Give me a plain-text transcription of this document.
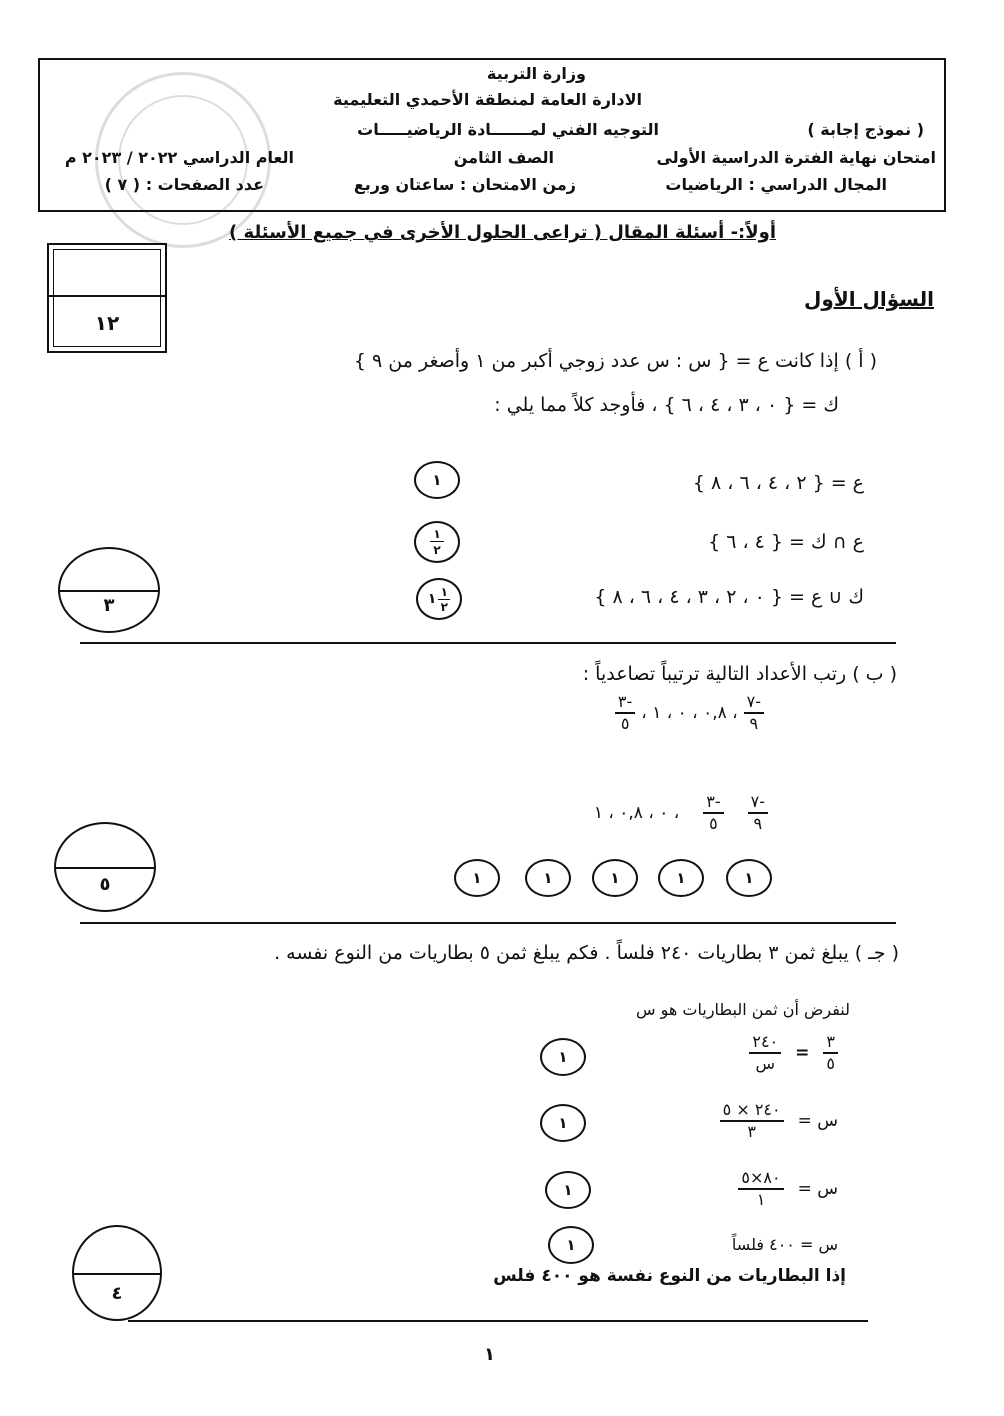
وزارة التربية
الادارة العامة لمنطقة الأحمدي التعليمية
التوجيه الفني لمـــــــادة الرياضيـــــات	( نموذج إجابة )
امتحان نهاية الفترة الدراسية الأولى
الصف الثامن
العام الدراسي ٢٠٢٢ / ٢٠٢٣ م
المجال الدراسي : الرياضيات
زمن الامتحان : ساعتان وربع
عدد الصفحات : ( ٧ )
أولاً:- أسئلة المقال ( تراعى الحلول الأخرى في جميع الأسئلة )
١٢
السؤال الأول
( أ ) إذا كانت ع = { س : س عدد زوجي أكبر من ١ وأصغر من ٩ }
ك = { ٠ ، ٣ ، ٤ ، ٦ } ، فأوجد كلاً مما يلي :
ع = { ٢ ، ٤ ، ٦ ، ٨ }
١
ع ∩ ك = { ٤ ، ٦ }
١
٢
ك ∪ ع = { ٠ ، ٢ ، ٣ ، ٤ ، ٦ ، ٨ }
١
٢
١
٣
( ب ) رتب الأعداد التالية ترتيباً تصاعدياً :
$\frac{-٧}{٩}$
، ٠,٨ ، ٠ ، ١ ،
$\frac{-٣}{٥}$
$\frac{-٧}{٩}$
$\frac{-٣}{٥}$
، ٠ ، ٠,٨ ، ١
١	١	١	١	١
٥
( جـ ) يبلغ ثمن ٣ بطاريات ٢٤٠ فلساً . فكم يبلغ ثمن ٥ بطاريات من النوع نفسه .
لنفرض أن ثمن البطاريات هو س
$\frac{٣}{٥}$
=
$\frac{٢٤٠}{\text{س}}$
١
س =
$\frac{٢٤٠ \times ٥}{٣}$
١
س =
$\frac{٨٠\times ٥}{١}$
١
س = ٤٠٠ فلساً
١
إذا البطاريات من النوع نفسة هو ٤٠٠ فلس
٤
١
